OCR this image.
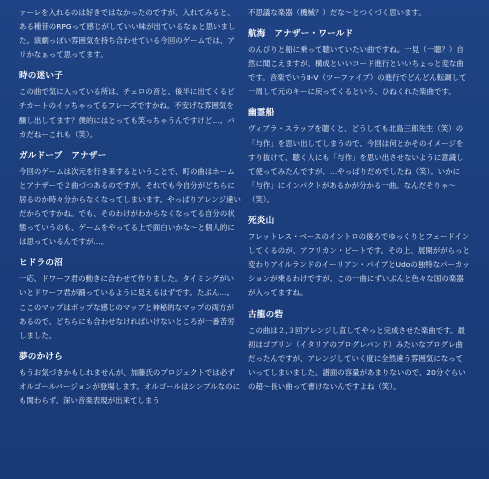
ァーレを入れるのは好きではなかったのですが、入れてみると、ある種昔のRPGって感じがしていい味が出ているなぁと思いました。演劇っぽい雰囲気を持ち合わせている今回のゲームでは、アリかなぁって思ってます。

時の迷い子

この曲で気に入っている所は、チェロの音と、後半に出てくるピチカートのイッちゃってるフレーズですかね。不安げな雰囲気を醸し出してます？僕的にはとっても笑っちゃうんですけど…。バカだねーこれも（笑）。

ガルドーブ　アナザー

今回のゲームは次元を行き来するということで、町の曲はホームとアナザーで２曲づつあるのですが、それでも今自分がどちらに居るのか時々分からなくなってしまいます。やっぱりアレンジ違いだからですかね。でも、そのわけがわからなくなってる自分の状態っていうのも、ゲームをやってる上で面白いかな〜と個人的には思っているんですが…。

ヒドラの沼

一応、ドワーフ君の動きに合わせて作りました。タイミングがいいとドワーフ君が踊っているように見えるはずです。たぶん…。ここのマップはポップな感じのマップと神秘的なマップの両方があるので、どちらにも合わせなければいけないところが一番苦労しました。

夢のかけら

もうお気づきかもしれませんが、加藤氏のプロジェクトでは必ずオルゴールバージョンが登場します。オルゴールはシンプルなのにも関わらず、深い音楽表現が出来てしまう

不思議な楽器（機械？）だな〜とつくづく思います。

航海　アナザー・ワールド

のんびりと船に乗って聴いていたい曲ですね。一見（一聴？）自然に聞こえますが、構成といいコード進行といいちょっと変な曲です。音楽でいうⅡ-Ⅴ（ツーファイブ）の進行でどんどん転調して一周して元のキーに戻ってくるという、ひねくれた楽曲です。

幽霊船

ヴィブラ・スラップを聴くと、どうしても北島三郎先生（笑）の「与作」を思い出してしまうので、今回は何とかそのイメージをすり抜けて、聴く人にも「与作」を思い出させないように意識して使ってみたんですが、…やっぱりだめでしたね（笑）。いかに「与作」にインパクトがあるかが分かる一曲。なんだそりゃ〜（笑）。

死炎山

フレットレス・ベースのイントロの後ろでゆっくりとフェードインしてくるのが、アフリカン・ビートです。その上、展開ががらっと変わりアイルランドのイーリアン・パイプとUdoの独特なパーカッションが乗るわけですが、この一曲にずいぶんと色々な国の楽器が入ってますね。

古龍の砦

この曲は２,３回アレンジし直してやっと完成させた楽曲です。最初はゴブリン（イタリアのプログレバンド）みたいなプログレ曲だったんですが、アレンジしていく度に全然違う雰囲気になっていってしまいました。譜面の容量があまりないので、20分ぐらいの超〜長い曲って書けないんですよね（笑）。
